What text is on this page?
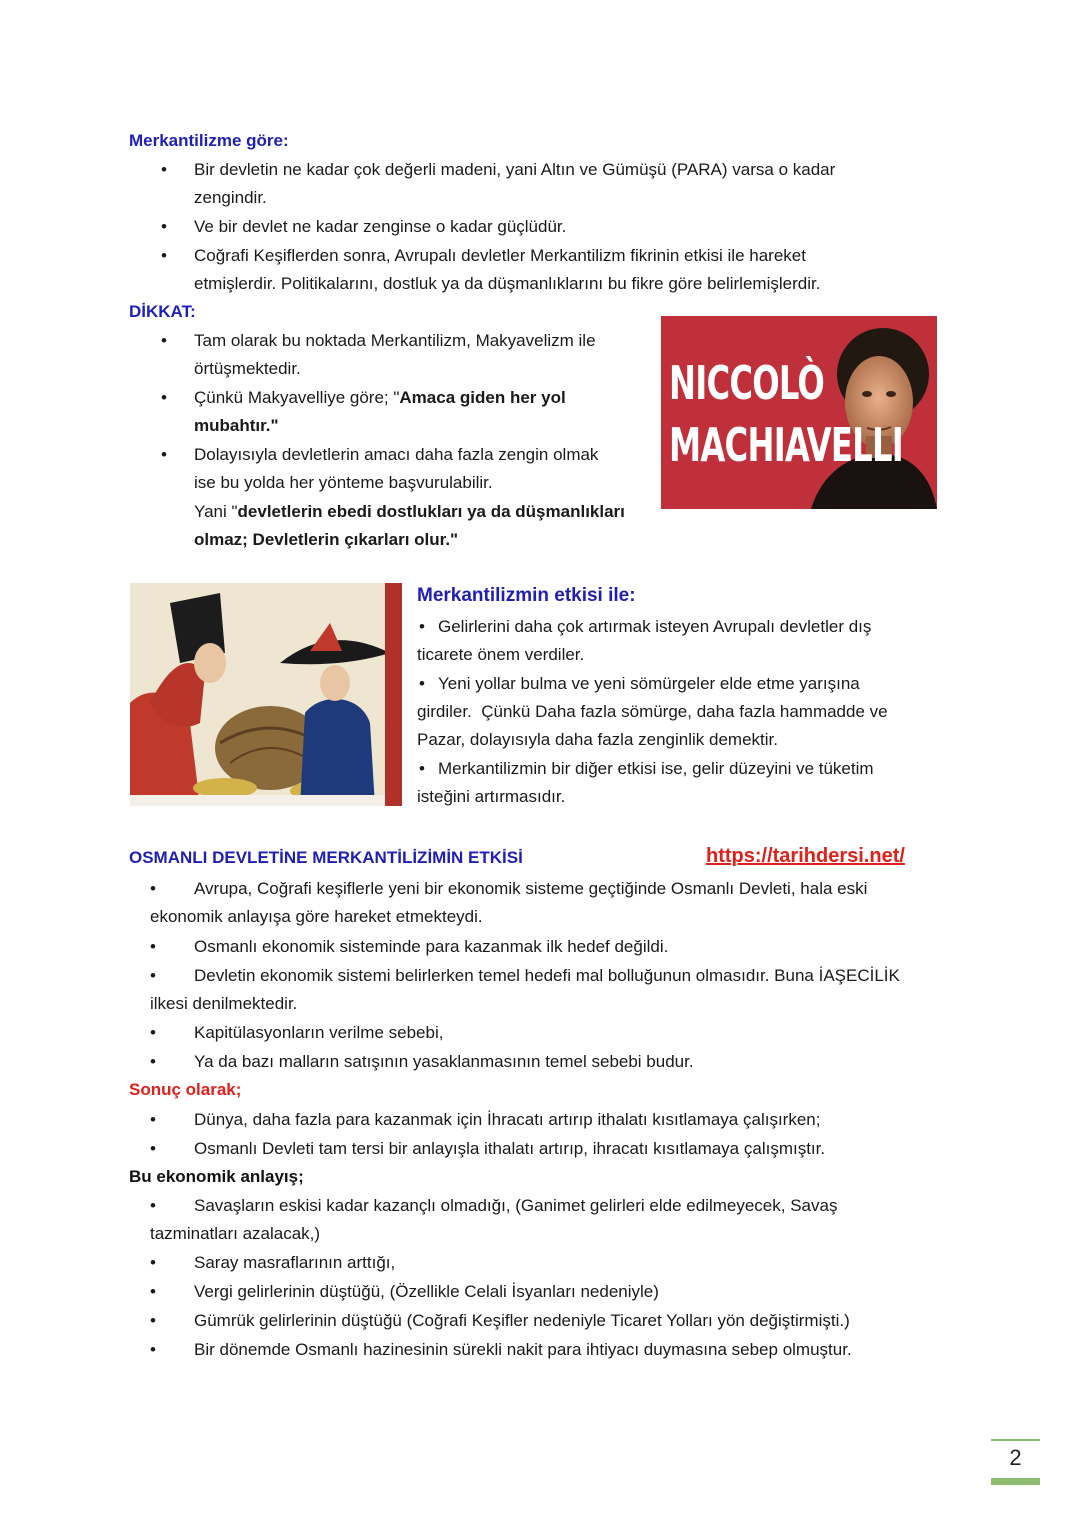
Merkantilizme göre:
• Bir devletin ne kadar çok değerli madeni, yani Altın ve Gümüşü (PARA) varsa o kadar
zengindir.
• Ve bir devlet ne kadar zenginse o kadar güçlüdür.
• Coğrafi Keşiflerden sonra, Avrupalı devletler Merkantilizm fikrinin etkisi ile hareket
etmişlerdir. Politikalarını, dostluk ya da düşmanlıklarını bu fikre göre belirlemişlerdir.
DİKKAT:
• Tam olarak bu noktada Merkantilizm, Makyavelizm ile
örtüşmektedir.
• Çünkü Makyavelliye göre; "Amaca giden her yol
mubahtır."
• Dolayısıyla devletlerin amacı daha fazla zengin olmak
ise bu yolda her yönteme başvurulabilir.
Yani "devletlerin ebedi dostlukları ya da düşmanlıkları
olmaz; Devletlerin çıkarları olur."
NICCOLÒ
MACHIAVELLI
Merkantilizmin etkisi ile:
• Gelirlerini daha çok artırmak isteyen Avrupalı devletler dış
ticarete önem verdiler.
• Yeni yollar bulma ve yeni sömürgeler elde etme yarışına
girdiler.  Çünkü Daha fazla sömürge, daha fazla hammadde ve
Pazar, dolayısıyla daha fazla zenginlik demektir.
• Merkantilizmin bir diğer etkisi ise, gelir düzeyini ve tüketim
isteğini artırmasıdır.
OSMANLI DEVLETİNE MERKANTİLİZİMİN ETKİSİ	https://tarihdersi.net/
• Avrupa, Coğrafi keşiflerle yeni bir ekonomik sisteme geçtiğinde Osmanlı Devleti, hala eski
ekonomik anlayışa göre hareket etmekteydi.
• Osmanlı ekonomik sisteminde para kazanmak ilk hedef değildi.
• Devletin ekonomik sistemi belirlerken temel hedefi mal bolluğunun olmasıdır. Buna İAŞECİLİK
ilkesi denilmektedir.
• Kapitülasyonların verilme sebebi,
• Ya da bazı malların satışının yasaklanmasının temel sebebi budur.
Sonuç olarak;
• Dünya, daha fazla para kazanmak için İhracatı artırıp ithalatı kısıtlamaya çalışırken;
• Osmanlı Devleti tam tersi bir anlayışla ithalatı artırıp, ihracatı kısıtlamaya çalışmıştır.
Bu ekonomik anlayış;
• Savaşların eskisi kadar kazançlı olmadığı, (Ganimet gelirleri elde edilmeyecek, Savaş
tazminatları azalacak,)
• Saray masraflarının arttığı,
• Vergi gelirlerinin düştüğü, (Özellikle Celali İsyanları nedeniyle)
• Gümrük gelirlerinin düştüğü (Coğrafi Keşifler nedeniyle Ticaret Yolları yön değiştirmişti.)
• Bir dönemde Osmanlı hazinesinin sürekli nakit para ihtiyacı duymasına sebep olmuştur.
2
